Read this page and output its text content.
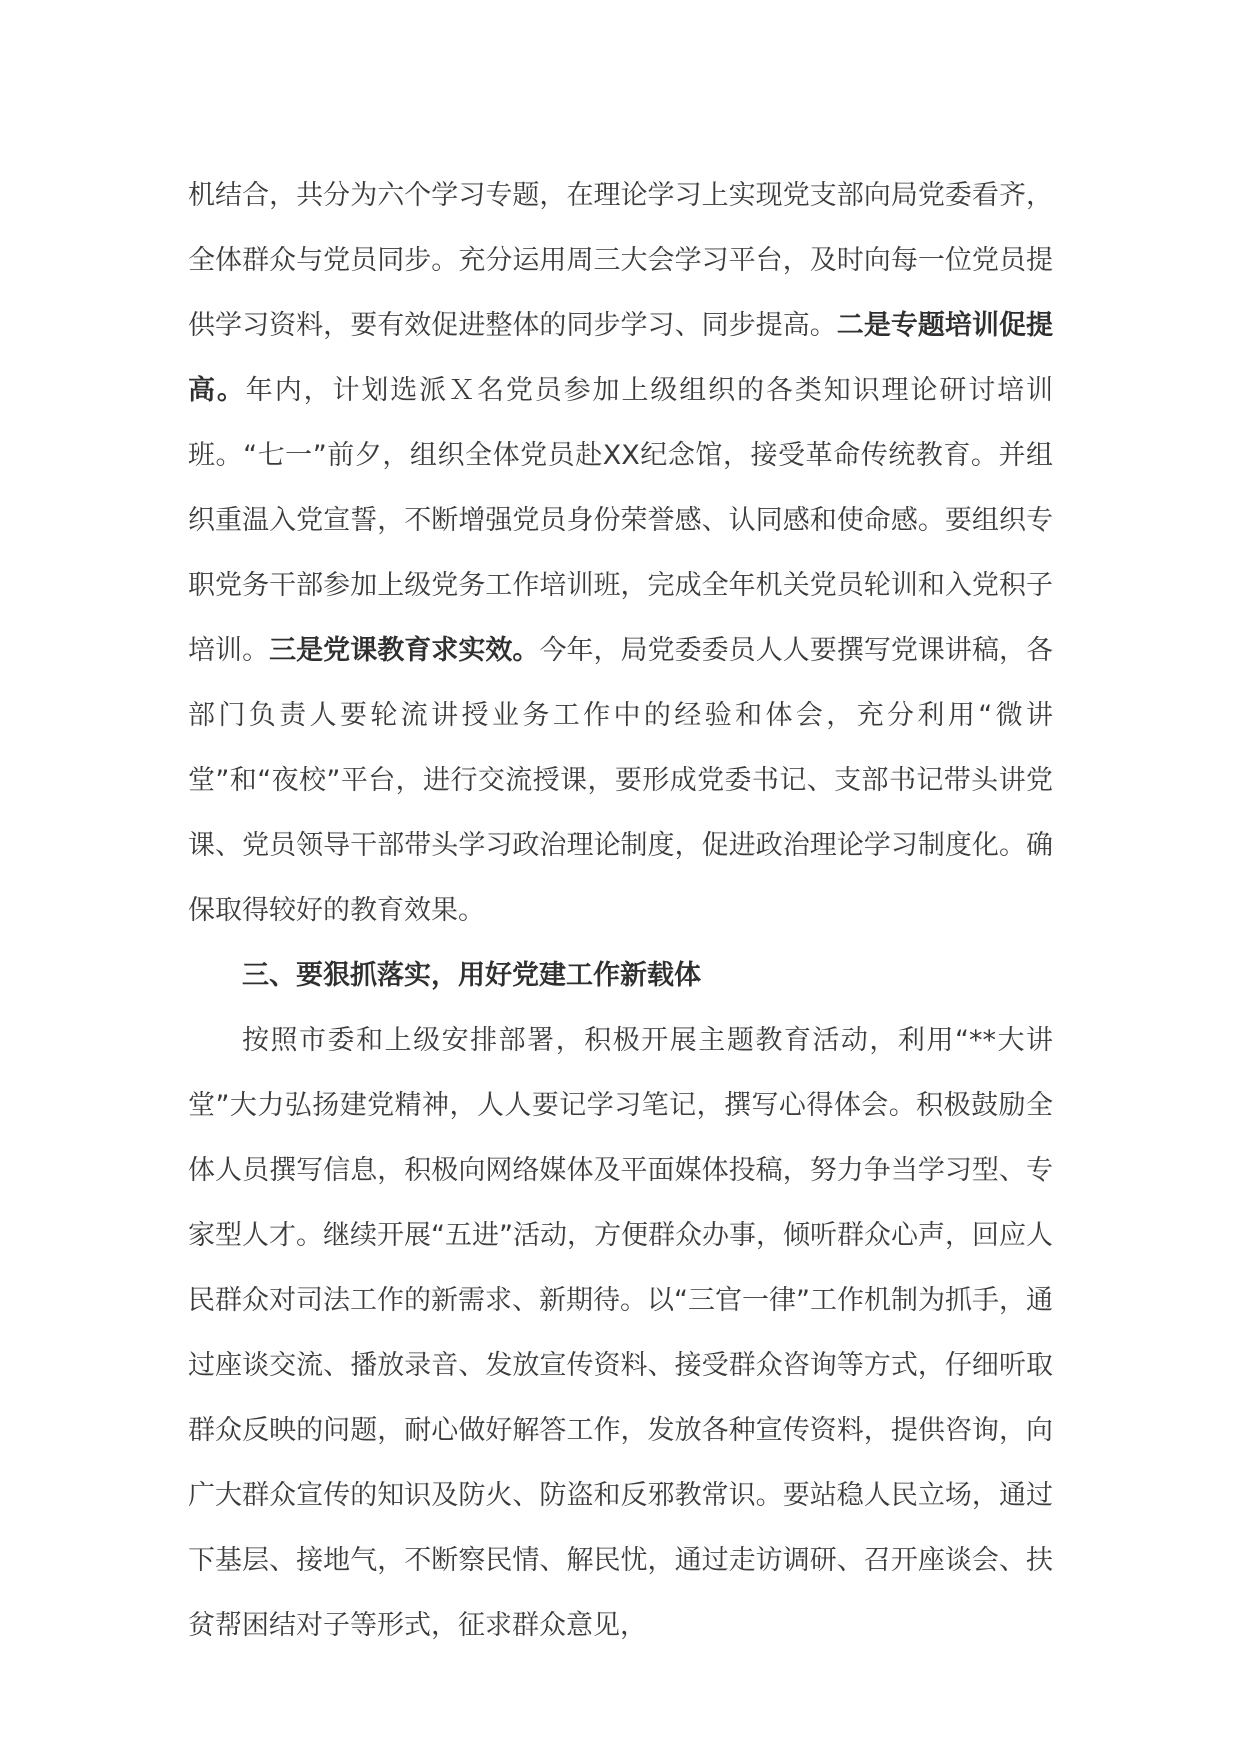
机结合，共分为六个学习专题，在理论学习上实现党支部向局党委看齐，全体群众与党员同步。充分运用周三大会学习平台，及时向每一位党员提供学习资料，要有效促进整体的同步学习、同步提高。二是专题培训促提高。年内，计划选派Ｘ名党员参加上级组织的各类知识理论研讨培训班。“七一”前夕，组织全体党员赴XX纪念馆，接受革命传统教育。并组织重温入党宣誓，不断增强党员身份荣誉感、认同感和使命感。要组织专职党务干部参加上级党务工作培训班，完成全年机关党员轮训和入党积子培训。三是党课教育求实效。今年，局党委委员人人要撰写党课讲稿，各部门负责人要轮流讲授业务工作中的经验和体会，充分利用“微讲堂”和“夜校”平台，进行交流授课，要形成党委书记、支部书记带头讲党课、党员领导干部带头学习政治理论制度，促进政治理论学习制度化。确保取得较好的教育效果。

三、要狠抓落实，用好党建工作新载体

按照市委和上级安排部署，积极开展主题教育活动，利用“**大讲堂”大力弘扬建党精神，人人要记学习笔记，撰写心得体会。积极鼓励全体人员撰写信息，积极向网络媒体及平面媒体投稿，努力争当学习型、专家型人才。继续开展“五进”活动，方便群众办事，倾听群众心声，回应人民群众对司法工作的新需求、新期待。以“三官一律”工作机制为抓手，通过座谈交流、播放录音、发放宣传资料、接受群众咨询等方式，仔细听取群众反映的问题，耐心做好解答工作，发放各种宣传资料，提供咨询，向广大群众宣传的知识及防火、防盗和反邪教常识。要站稳人民立场，通过下基层、接地气，不断察民情、解民忧，通过走访调研、召开座谈会、扶贫帮困结对子等形式，征求群众意见，
